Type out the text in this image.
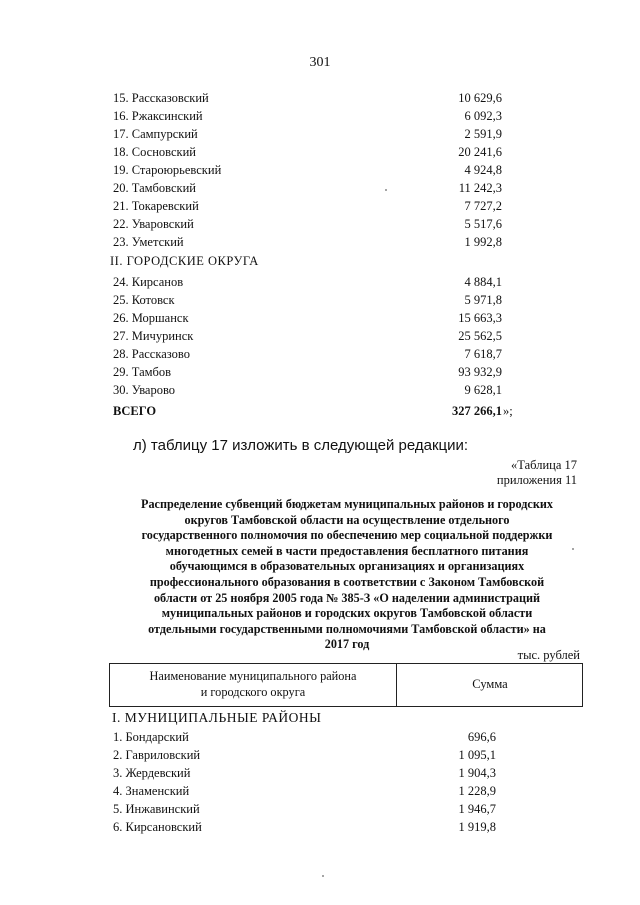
301
15. Рассказовский	10 629,6
16. Ржаксинский	6 092,3
17. Сампурский	2 591,9
18. Сосновский	20 241,6
19. Староюрьевский	4 924,8
20. Тамбовский	11 242,3
21. Токаревский	7 727,2
22. Уваровский	5 517,6
23. Уметский	1 992,8
II. ГОРОДСКИЕ ОКРУГА
24. Кирсанов	4 884,1
25. Котовск	5 971,8
26. Моршанск	15 663,3
27. Мичуринск	25 562,5
28. Рассказово	7 618,7
29. Тамбов	93 932,9
30. Уварово	9 628,1
ВСЕГО	327 266,1 »;
л) таблицу 17 изложить в следующей редакции:
«Таблица 17
приложения 11
Распределение субвенций бюджетам муниципальных районов и городских
округов Тамбовской области на осуществление отдельного
государственного полномочия по обеспечению мер социальной поддержки
многодетных семей в части предоставления бесплатного питания
обучающимся в образовательных организациях и организациях
профессионального образования в соответствии с Законом Тамбовской
области от 25 ноября 2005 года № 385-З «О наделении администраций
муниципальных районов и городских округов Тамбовской области
отдельными государственными полномочиями Тамбовской области» на
2017 год
тыс. рублей
Наименование муниципального района
и городского округа
Сумма
I. МУНИЦИПАЛЬНЫЕ РАЙОНЫ
1. Бондарский	696,6
2. Гавриловский	1 095,1
3. Жердевский	1 904,3
4. Знаменский	1 228,9
5. Инжавинский	1 946,7
6. Кирсановский	1 919,8
